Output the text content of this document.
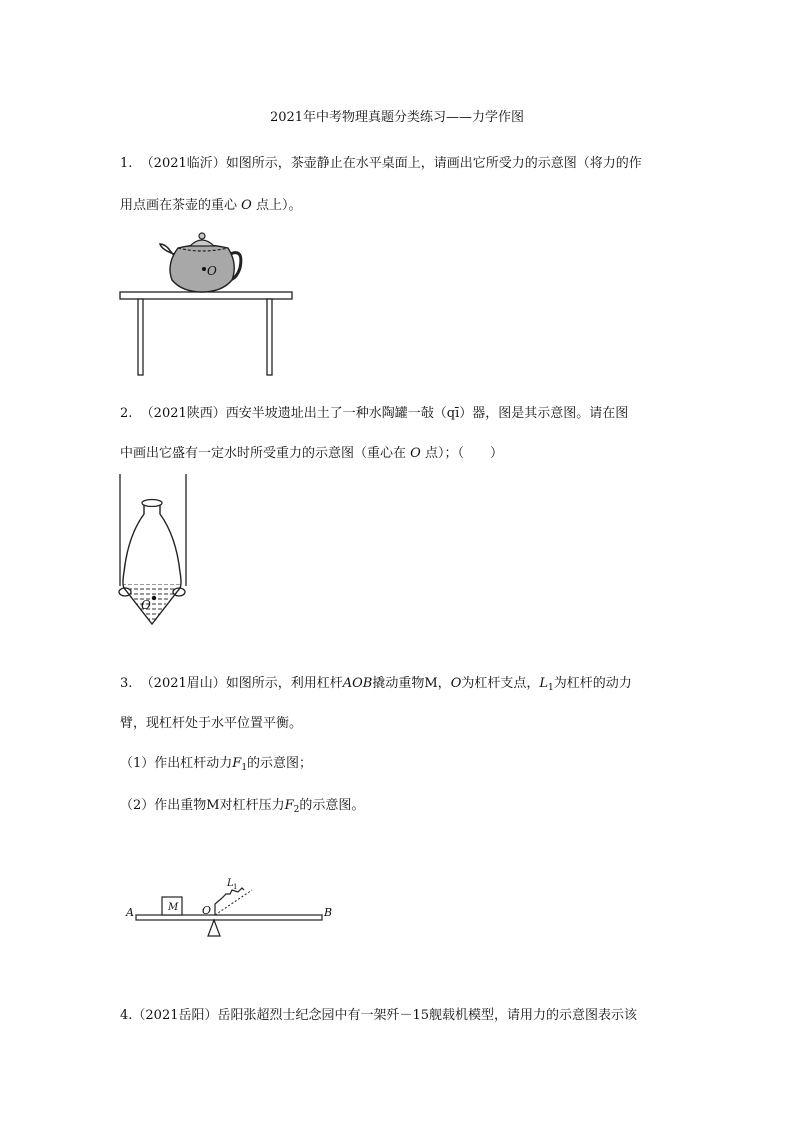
2021年中考物理真题分类练习——力学作图
1. （2021临沂）如图所示，茶壶静止在水平桌面上，请画出它所受力的示意图（将力的作
用点画在茶壶的重心 O 点上）。
O
2. （2021陕西）西安半坡遗址出土了一种水陶罐一敧（qī）器，图是其示意图。请在图
中画出它盛有一定水时所受重力的示意图（重心在 O 点）；（　　）
O
3. （2021眉山）如图所示，利用杠杆AOB撬动重物M，O为杠杆支点，$L_1$为杠杆的动力
臂，现杠杆处于水平位置平衡。
（1）作出杠杆动力$F_1$的示意图；
（2）作出重物M对杠杆压力$F_2$的示意图。
M
L 1
A	B
O
4.（2021岳阳）岳阳张超烈士纪念园中有一架歼－15舰载机模型，请用力的示意图表示该
